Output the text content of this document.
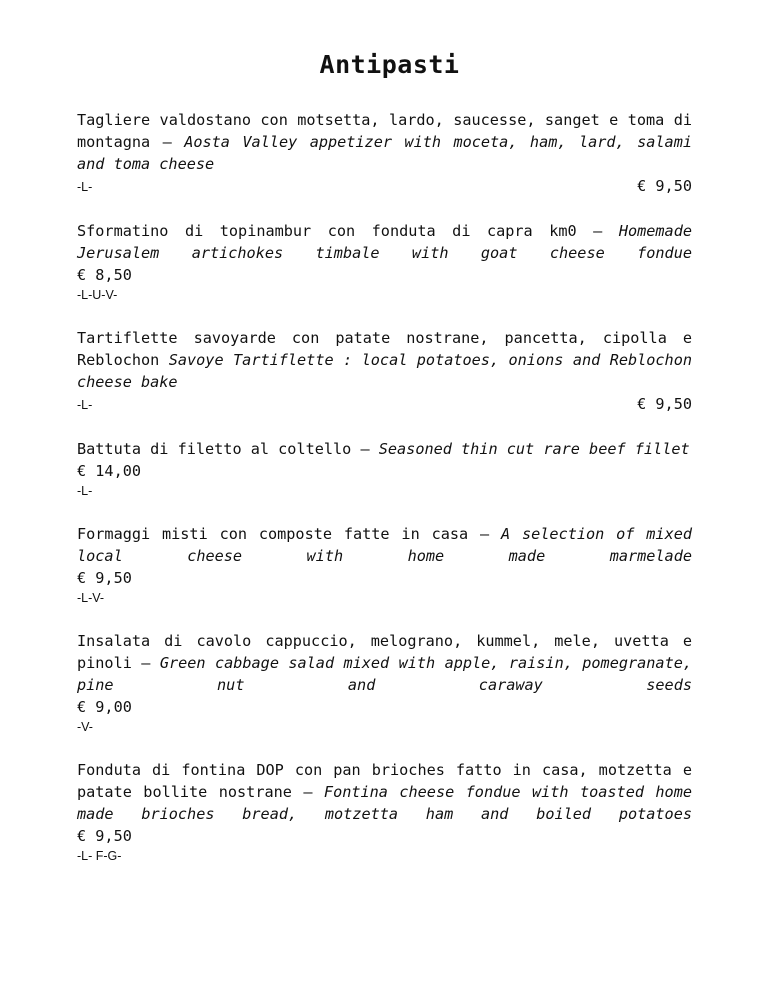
Antipasti

Tagliere valdostano con motsetta, lardo, saucesse, sanget e toma di montagna – Aosta Valley appetizer with moceta, ham, lard, salami and toma cheese

-L-	€ 9,50

Sformatino di topinambur con fonduta di capra km0 – Homemade Jerusalem artichokes timbale with goat cheese fondue

€ 8,50
-L-U-V-

Tartiflette savoyarde con patate nostrane, pancetta, cipolla e Reblochon Savoye Tartiflette : local potatoes, onions and Reblochon cheese bake

-L-	€ 9,50

Battuta di filetto al coltello – Seasoned thin cut rare beef fillet

€ 14,00
-L-

Formaggi misti con composte fatte in casa – A selection of mixed local cheese with home made marmelade

€ 9,50
-L-V-

Insalata di cavolo cappuccio, melograno, kummel, mele, uvetta e pinoli – Green cabbage salad mixed with apple, raisin, pomegranate, pine nut and caraway seeds

€ 9,00
-V-

Fonduta di fontina DOP con pan brioches fatto in casa, motzetta e patate bollite nostrane – Fontina cheese fondue with toasted home made brioches bread, motzetta ham and boiled potatoes

€ 9,50
-L- F-G-
